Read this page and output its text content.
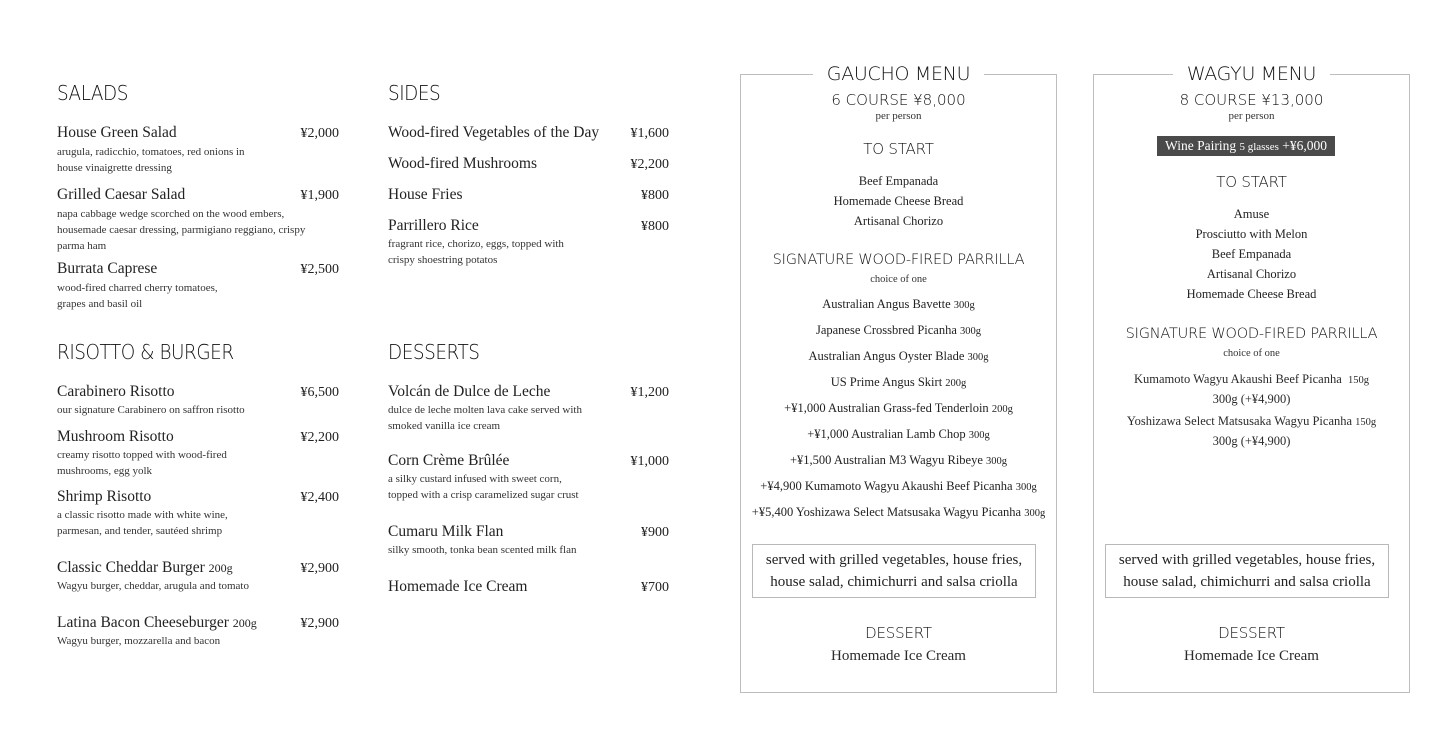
SALADS
House Green Salad	¥2,000
arugula, radicchio, tomatoes, red onions in
house vinaigrette dressing
Grilled Caesar Salad	¥1,900
napa cabbage wedge scorched on the wood embers,
housemade caesar dressing, parmigiano reggiano, crispy
parma ham
Burrata Caprese	¥2,500
wood-fired charred cherry tomatoes,
grapes and basil oil
RISOTTO & BURGER
Carabinero Risotto	¥6,500
our signature Carabinero on saffron risotto
Mushroom Risotto	¥2,200
creamy risotto topped with wood-fired
mushrooms, egg yolk
Shrimp Risotto	¥2,400
a classic risotto made with white wine,
parmesan, and tender, sautéed shrimp
Classic Cheddar Burger 200g	¥2,900
Wagyu burger, cheddar, arugula and tomato
Latina Bacon Cheeseburger 200g	¥2,900
Wagyu burger, mozzarella and bacon
SIDES
Wood-fired Vegetables of the Day	¥1,600
Wood-fired Mushrooms	¥2,200
House Fries	¥800
Parrillero Rice	¥800
fragrant rice, chorizo, eggs, topped with
crispy shoestring potatos
DESSERTS
Volcán de Dulce de Leche	¥1,200
dulce de leche molten lava cake served with
smoked vanilla ice cream
Corn Crème Brûlée	¥1,000
a silky custard infused with sweet corn,
topped with a crisp caramelized sugar crust
Cumaru Milk Flan	¥900
silky smooth, tonka bean scented milk flan
Homemade Ice Cream	¥700
GAUCHO MENU
6 COURSE ¥8,000
per person
TO START
Beef Empanada
Homemade Cheese Bread
Artisanal Chorizo
SIGNATURE WOOD-FIRED PARRILLA
choice of one
Australian Angus Bavette 300g
Japanese Crossbred Picanha 300g
Australian Angus Oyster Blade 300g
US Prime Angus Skirt 200g
+¥1,000 Australian Grass-fed Tenderloin 200g
+¥1,000 Australian Lamb Chop 300g
+¥1,500 Australian M3 Wagyu Ribeye 300g
+¥4,900 Kumamoto Wagyu Akaushi Beef Picanha 300g
+¥5,400 Yoshizawa Select Matsusaka Wagyu Picanha 300g
served with grilled vegetables, house fries,
house salad, chimichurri and salsa criolla
DESSERT
Homemade Ice Cream
WAGYU MENU
8 COURSE ¥13,000
per person
Wine Pairing 5 glasses +¥6,000
TO START
Amuse
Prosciutto with Melon
Beef Empanada
Artisanal Chorizo
Homemade Cheese Bread
SIGNATURE WOOD-FIRED PARRILLA
choice of one
Kumamoto Wagyu Akaushi Beef Picanha 150g
300g (+¥4,900)
Yoshizawa Select Matsusaka Wagyu Picanha 150g
300g (+¥4,900)
served with grilled vegetables, house fries,
house salad, chimichurri and salsa criolla
DESSERT
Homemade Ice Cream
